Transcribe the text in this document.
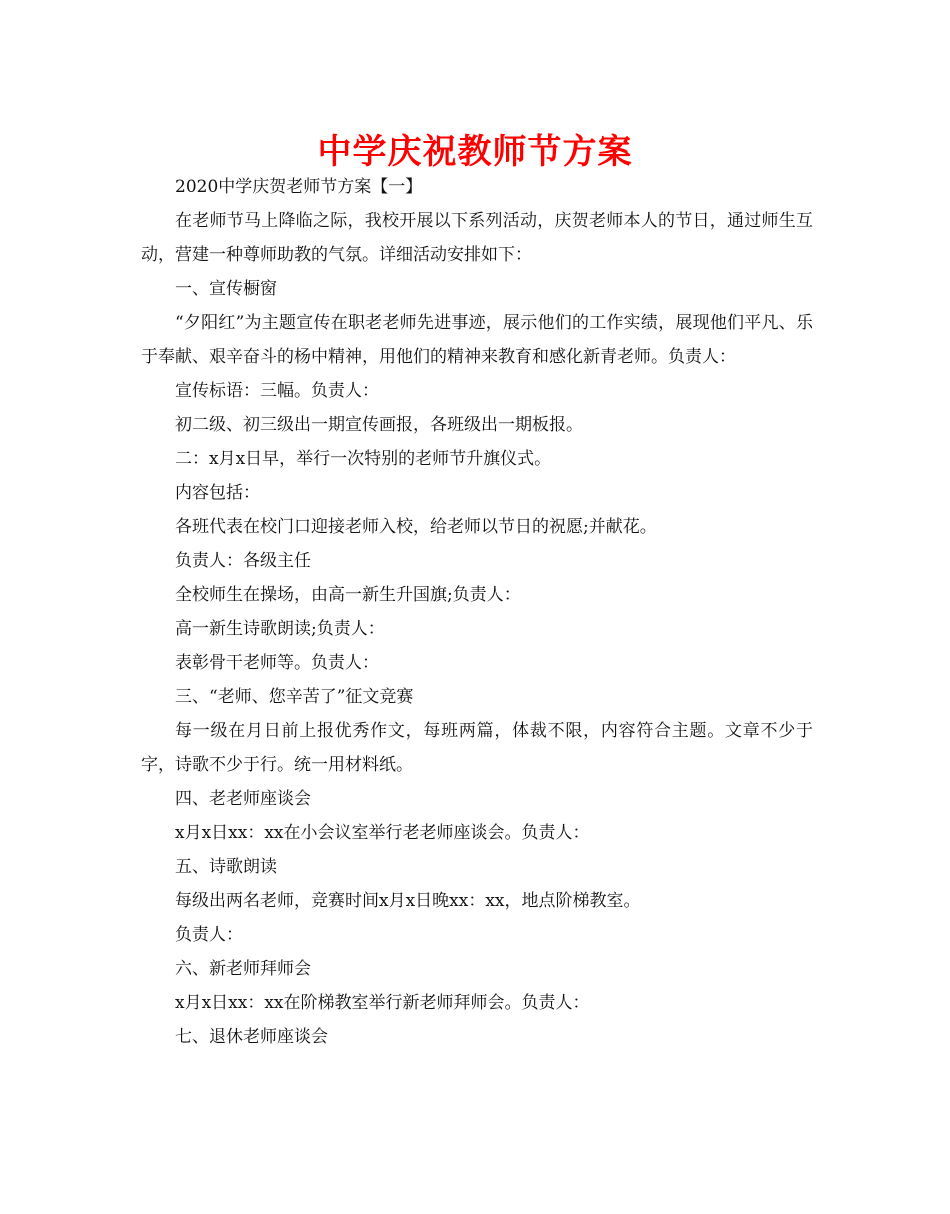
中学庆祝教师节方案

2020中学庆贺老师节方案【一】

在老师节马上降临之际，我校开展以下系列活动，庆贺老师本人的节日，通过师生互动，营建一种尊师助教的气氛。详细活动安排如下：

一、宣传橱窗

“夕阳红”为主题宣传在职老老师先进事迹，展示他们的工作实绩，展现他们平凡、乐于奉献、艰辛奋斗的杨中精神，用他们的精神来教育和感化新青老师。负责人：

宣传标语：三幅。负责人：

初二级、初三级出一期宣传画报，各班级出一期板报。

二：x月x日早，举行一次特别的老师节升旗仪式。

内容包括：

各班代表在校门口迎接老师入校，给老师以节日的祝愿;并献花。

负责人：各级主任

全校师生在操场，由高一新生升国旗;负责人：

高一新生诗歌朗读;负责人：

表彰骨干老师等。负责人：

三、“老师、您辛苦了”征文竞赛

每一级在月日前上报优秀作文，每班两篇，体裁不限，内容符合主题。文章不少于字，诗歌不少于行。统一用材料纸。

四、老老师座谈会

x月x日xx：xx在小会议室举行老老师座谈会。负责人：

五、诗歌朗读

每级出两名老师，竞赛时间x月x日晚xx：xx，地点阶梯教室。

负责人：

六、新老师拜师会

x月x日xx：xx在阶梯教室举行新老师拜师会。负责人：

七、退休老师座谈会
